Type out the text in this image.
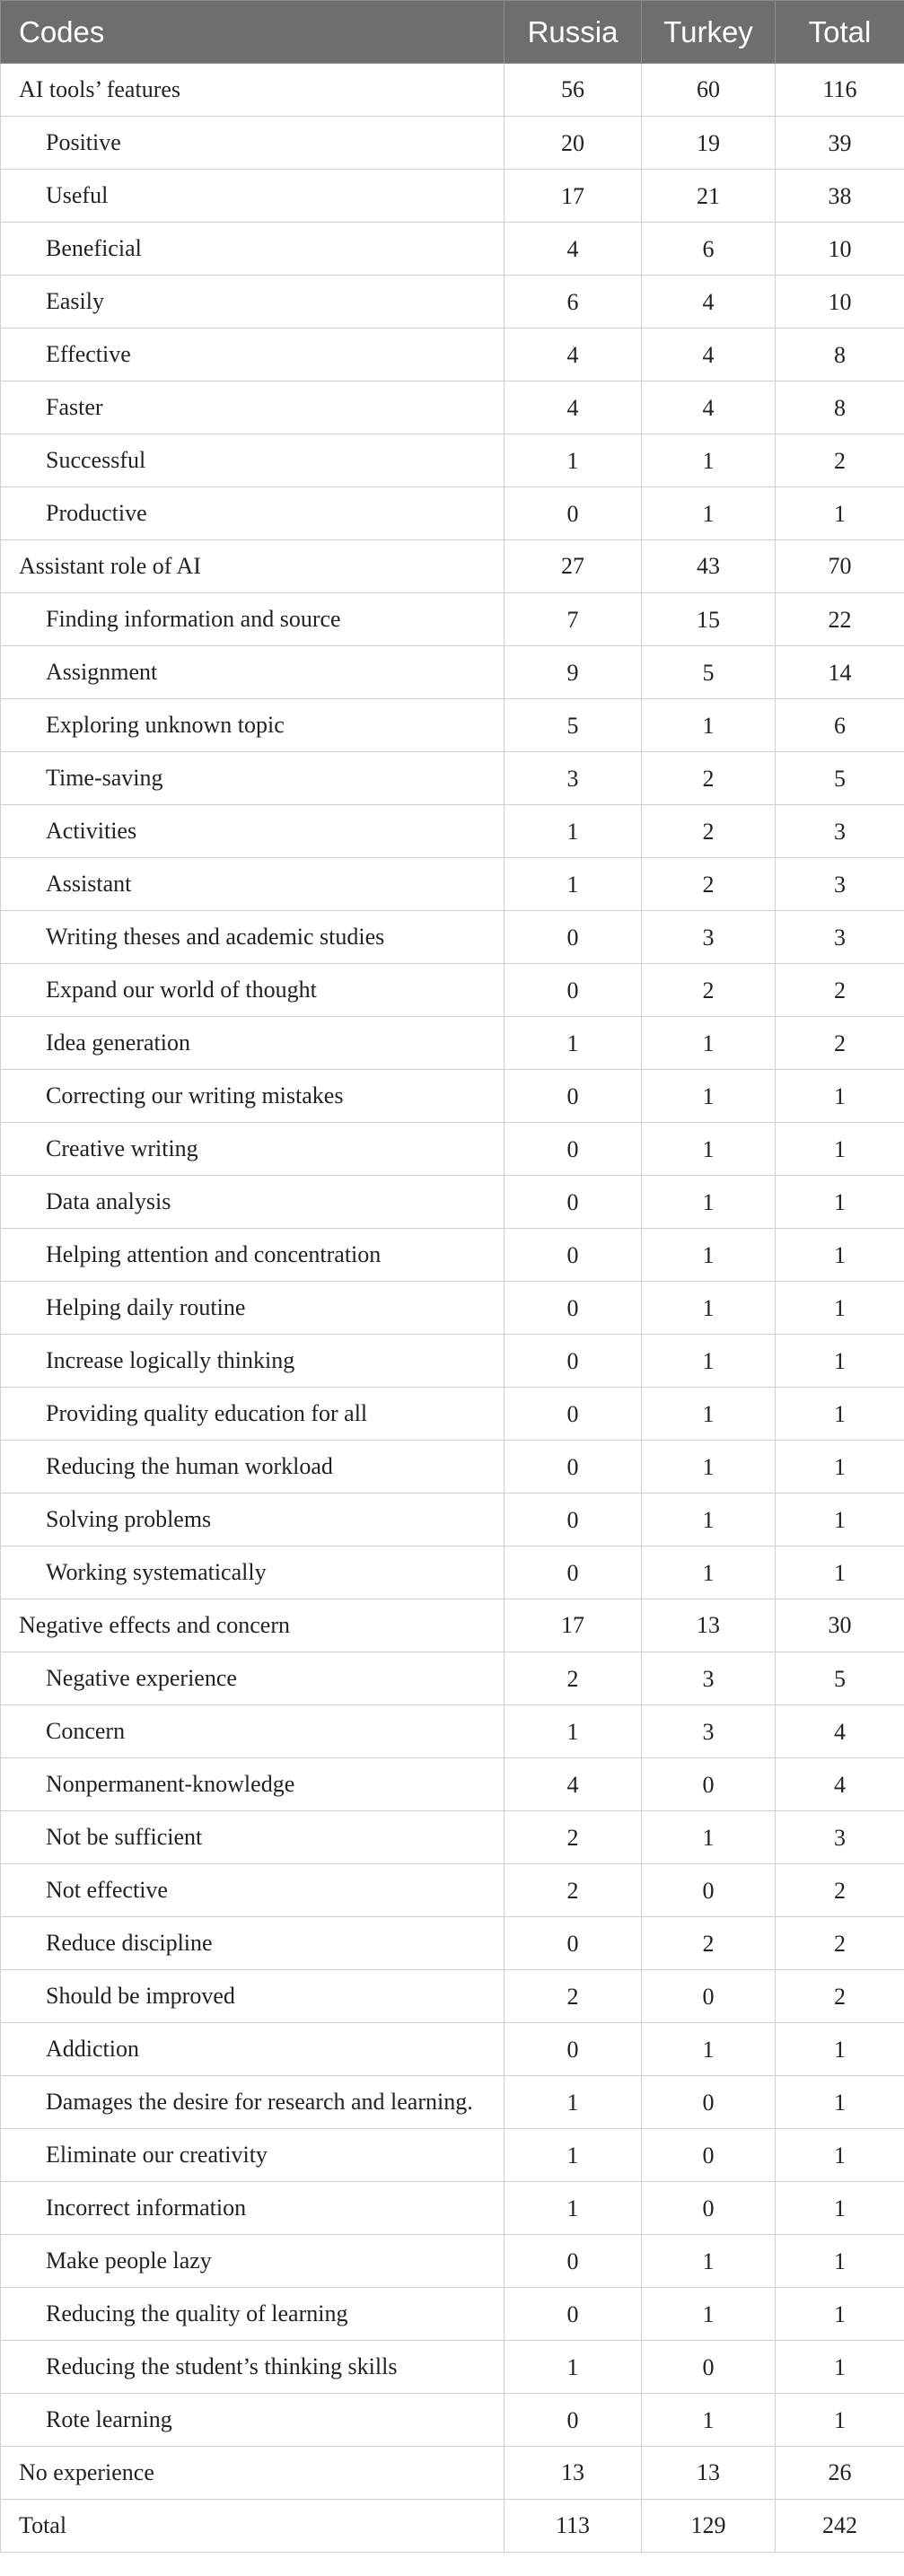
Codes	Russia	Turkey	Total
AI tools’ features	56	60	116
Positive	20	19	39
Useful	17	21	38
Beneficial	4	6	10
Easily	6	4	10
Effective	4	4	8
Faster	4	4	8
Successful	1	1	2
Productive	0	1	1
Assistant role of AI	27	43	70
Finding information and source	7	15	22
Assignment	9	5	14
Exploring unknown topic	5	1	6
Time-saving	3	2	5
Activities	1	2	3
Assistant	1	2	3
Writing theses and academic studies	0	3	3
Expand our world of thought	0	2	2
Idea generation	1	1	2
Correcting our writing mistakes	0	1	1
Creative writing	0	1	1
Data analysis	0	1	1
Helping attention and concentration	0	1	1
Helping daily routine	0	1	1
Increase logically thinking	0	1	1
Providing quality education for all	0	1	1
Reducing the human workload	0	1	1
Solving problems	0	1	1
Working systematically	0	1	1
Negative effects and concern	17	13	30
Negative experience	2	3	5
Concern	1	3	4
Nonpermanent-knowledge	4	0	4
Not be sufficient	2	1	3
Not effective	2	0	2
Reduce discipline	0	2	2
Should be improved	2	0	2
Addiction	0	1	1
Damages the desire for research and learning.	1	0	1
Eliminate our creativity	1	0	1
Incorrect information	1	0	1
Make people lazy	0	1	1
Reducing the quality of learning	0	1	1
Reducing the student’s thinking skills	1	0	1
Rote learning	0	1	1
No experience	13	13	26
Total	113	129	242
